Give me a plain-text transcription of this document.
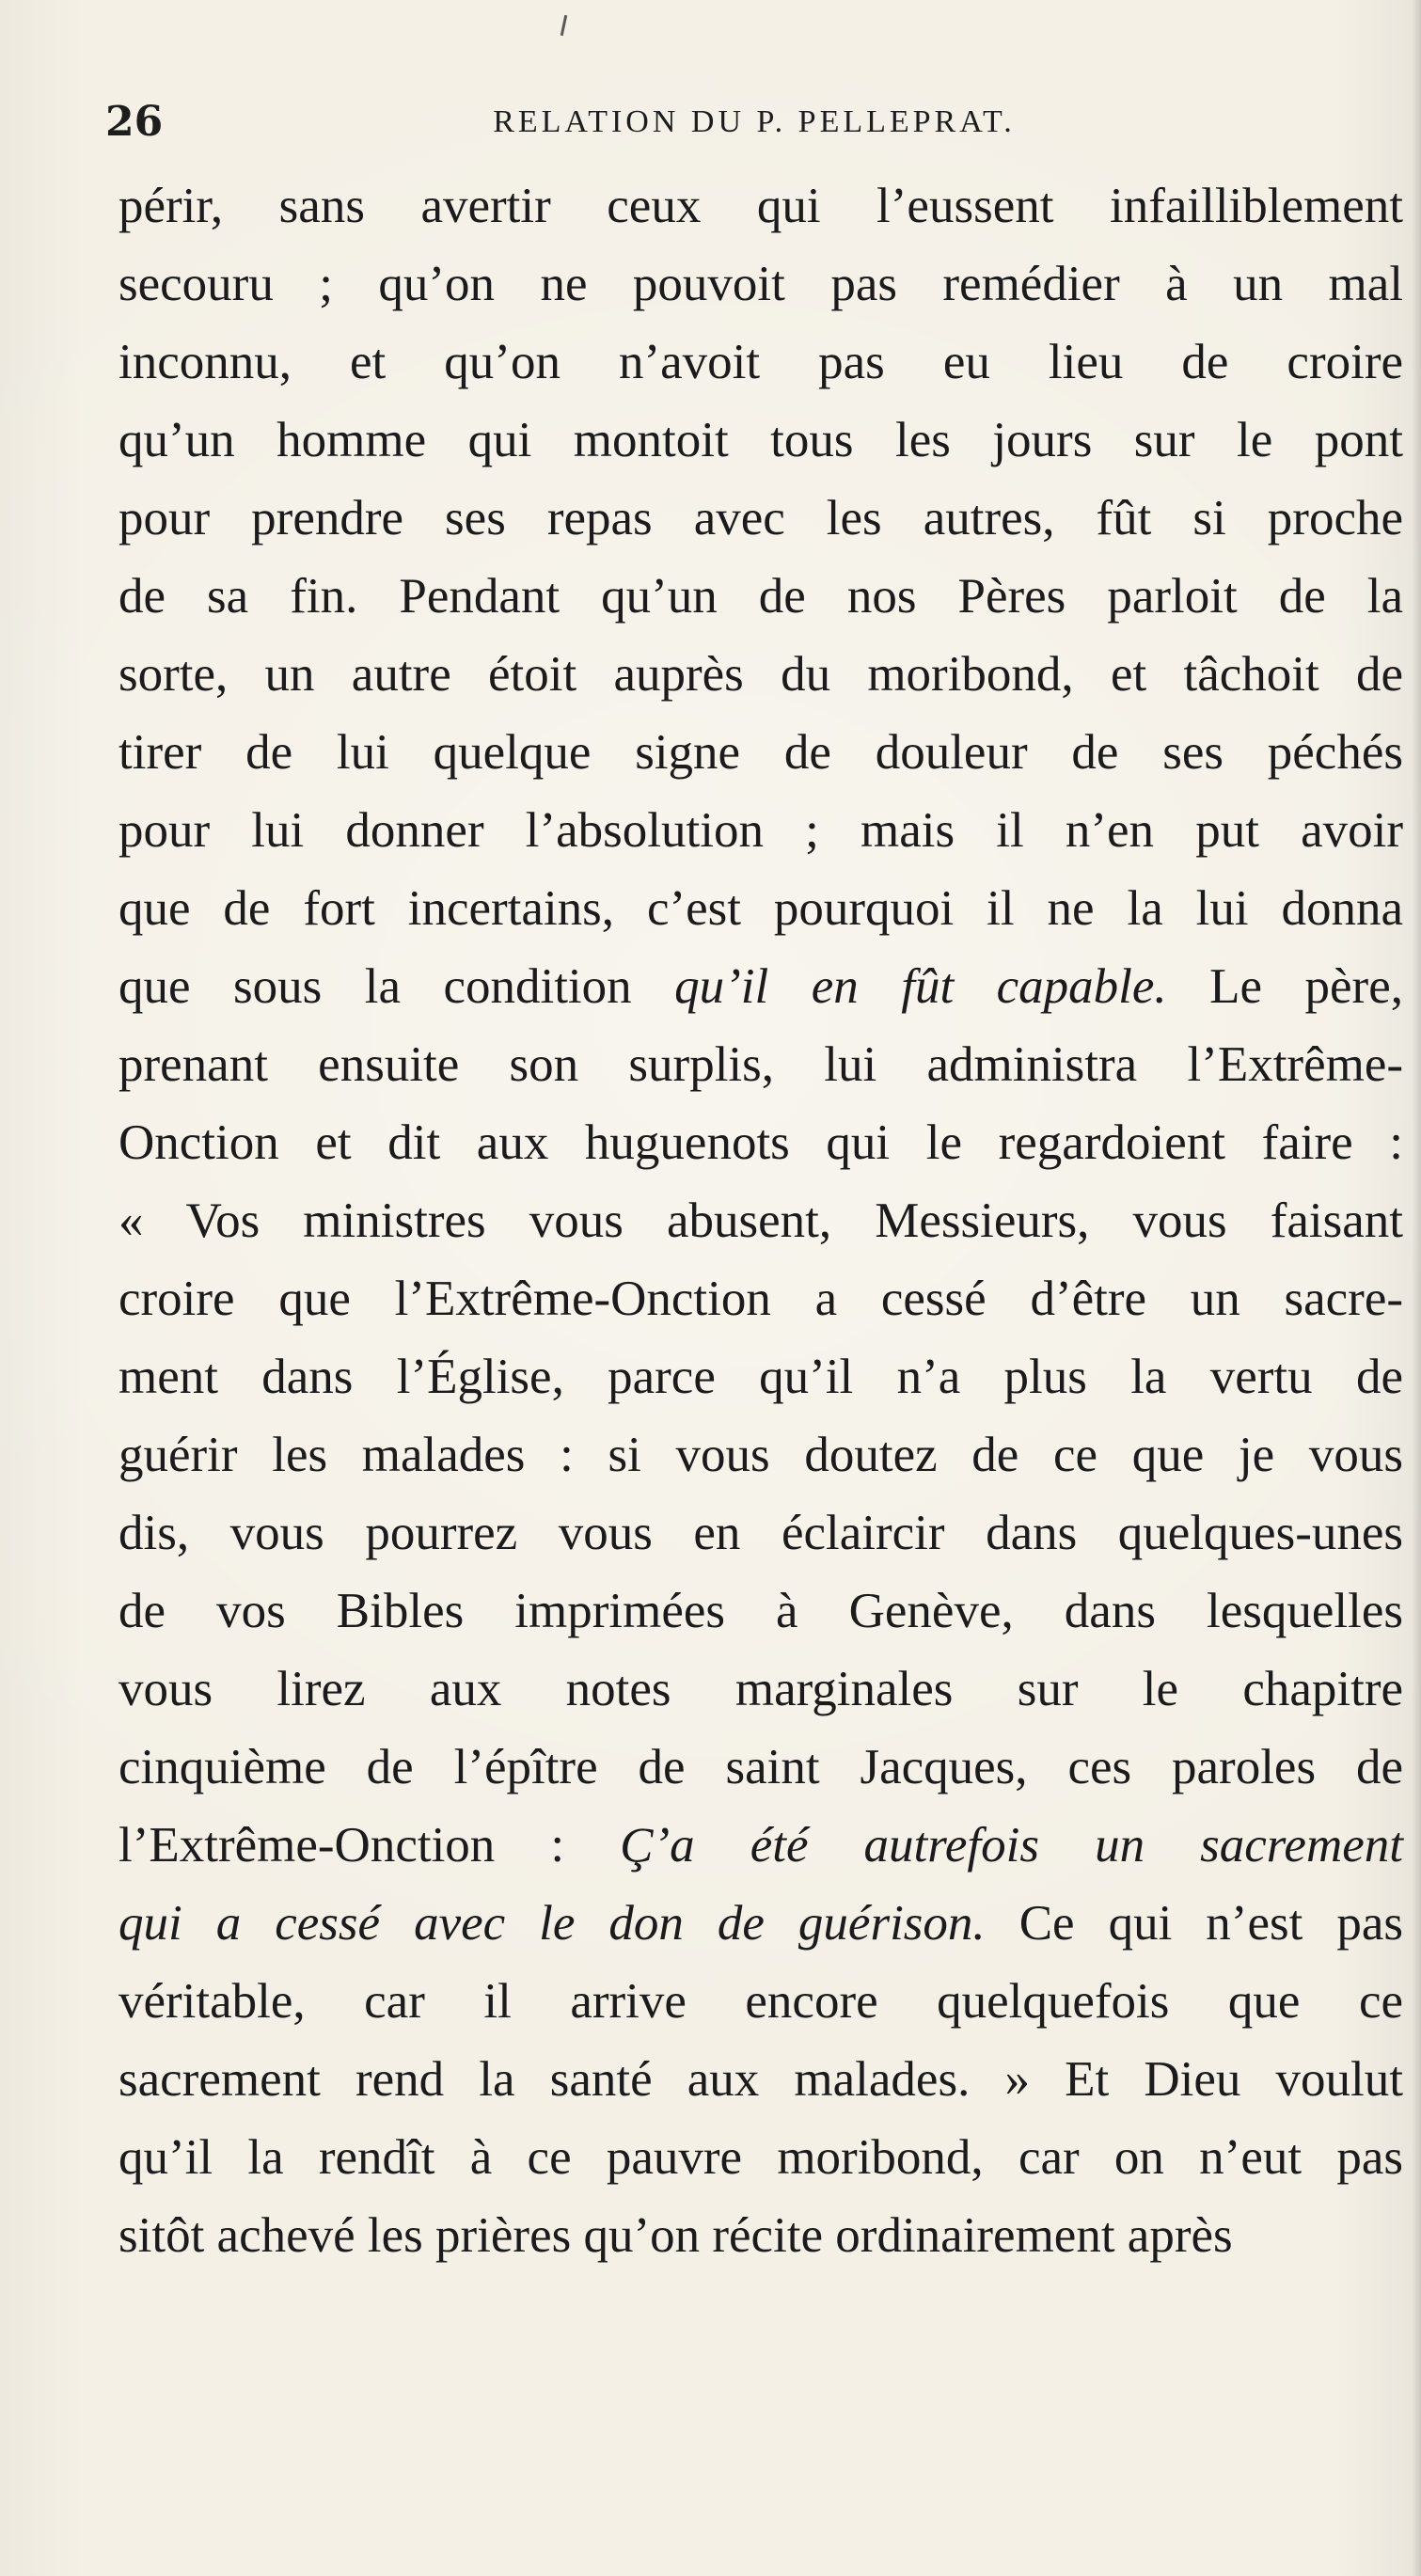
26	RELATION DU P. PELLEPRAT.
périr, sans avertir ceux qui l’eussent infailliblement
secouru ; qu’on ne pouvoit pas remédier à un mal
inconnu, et qu’on n’avoit pas eu lieu de croire
qu’un homme qui montoit tous les jours sur le pont
pour prendre ses repas avec les autres, fût si proche
de sa fin. Pendant qu’un de nos Pères parloit de la
sorte, un autre étoit auprès du moribond, et tâchoit de
tirer de lui quelque signe de douleur de ses péchés
pour lui donner l’absolution ; mais il n’en put avoir
que de fort incertains, c’est pourquoi il ne la lui donna
que sous la condition qu’il en fût capable. Le père,
prenant ensuite son surplis, lui administra l’Extrême-
Onction et dit aux huguenots qui le regardoient faire :
« Vos ministres vous abusent, Messieurs, vous faisant
croire que l’Extrême-Onction a cessé d’être un sacre-
ment dans l’Église, parce qu’il n’a plus la vertu de
guérir les malades : si vous doutez de ce que je vous
dis, vous pourrez vous en éclaircir dans quelques-unes
de vos Bibles imprimées à Genève, dans lesquelles
vous lirez aux notes marginales sur le chapitre
cinquième de l’épître de saint Jacques, ces paroles de
l’Extrême-Onction : Ç’a été autrefois un sacrement
qui a cessé avec le don de guérison. Ce qui n’est pas
véritable, car il arrive encore quelquefois que ce
sacrement rend la santé aux malades. » Et Dieu voulut
qu’il la rendît à ce pauvre moribond, car on n’eut pas
sitôt achevé les prières qu’on récite ordinairement après
